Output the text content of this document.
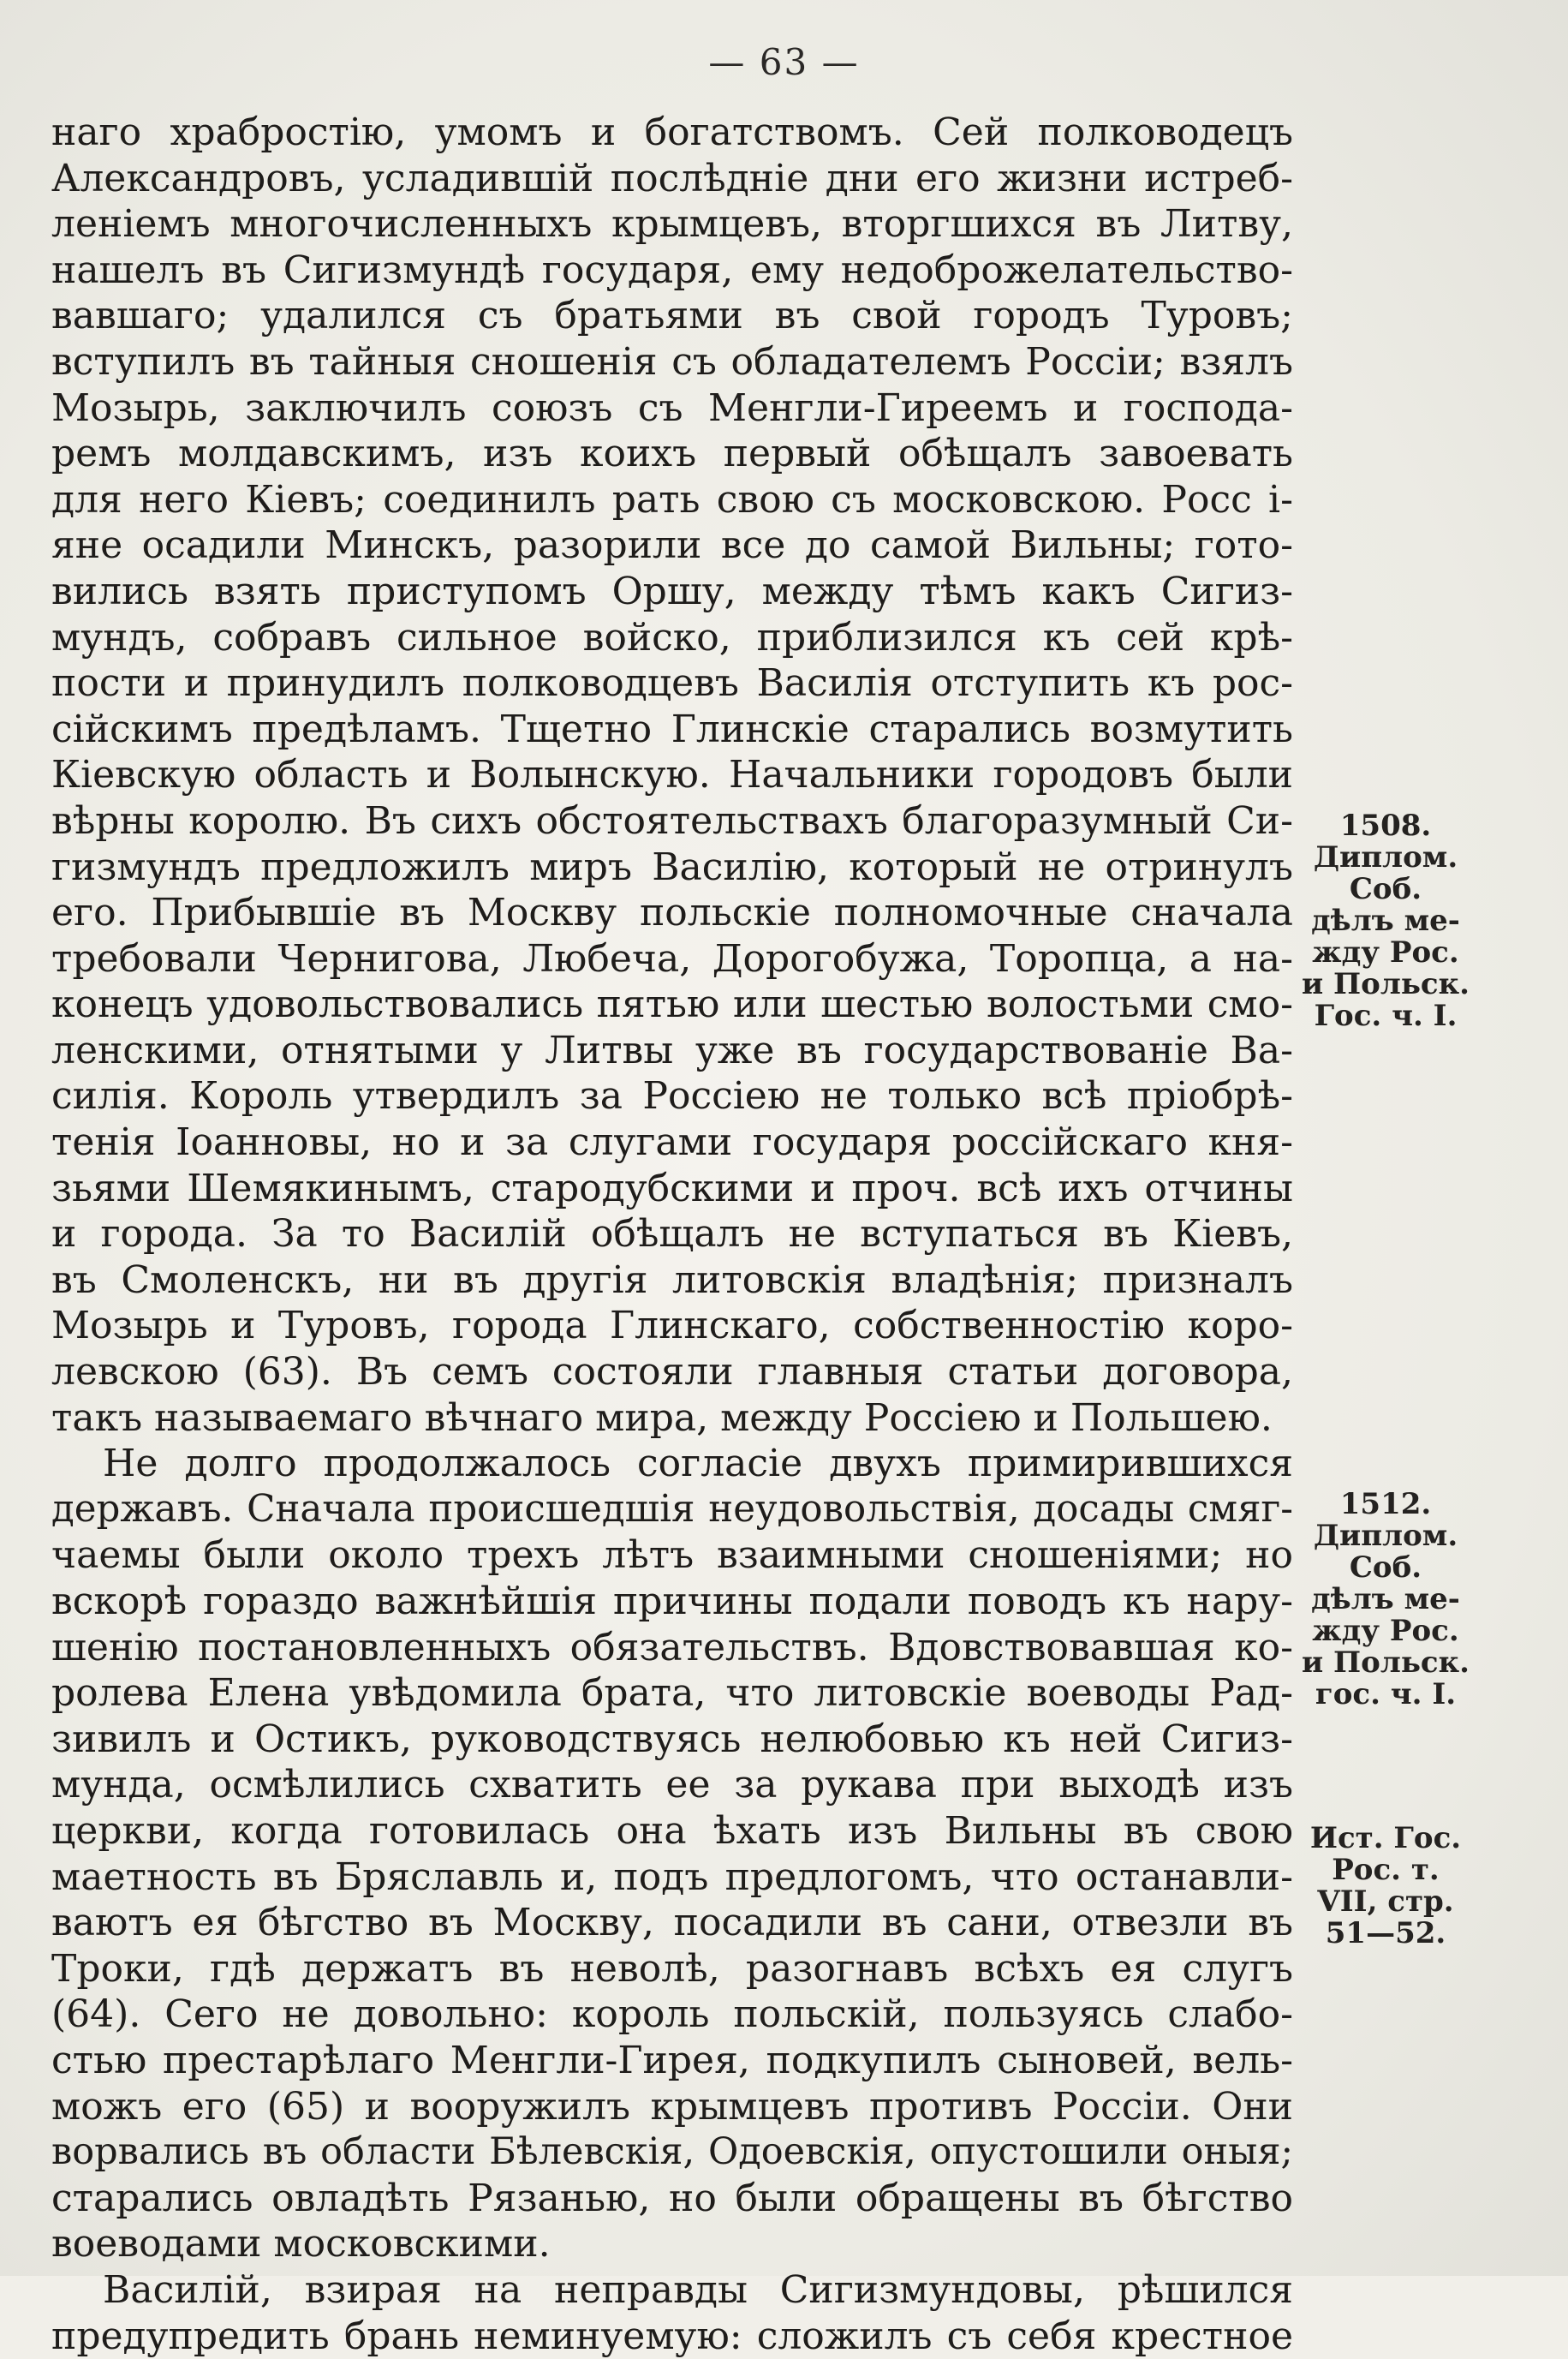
— 63 —
наго храбростію, умомъ и богатствомъ. Сей полководецъ
Александровъ, усладившій послѣдніе дни его жизни истреб-
леніемъ многочисленныхъ крымцевъ, вторгшихся въ Литву,
нашелъ въ Сигизмундѣ государя, ему недоброжелательство-
вавшаго; удалился съ братьями въ свой городъ Туровъ;
вступилъ въ тайныя сношенія съ обладателемъ Россіи; взялъ
Мозырь, заключилъ союзъ съ Менгли-Гиреемъ и господа-
ремъ молдавскимъ, изъ коихъ первый обѣщалъ завоевать
для него Кіевъ; соединилъ рать свою съ московскою. Росс і-
яне осадили Минскъ, разорили все до самой Вильны; гото-
вились взять приступомъ Оршу, между тѣмъ какъ Сигиз-
мундъ, собравъ сильное войско, приблизился къ сей крѣ-
пости и принудилъ полководцевъ Василія отступить къ рос-
сійскимъ предѣламъ. Тщетно Глинскіе старались возмутить
Кіевскую область и Волынскую. Начальники городовъ были
вѣрны королю. Въ сихъ обстоятельствахъ благоразумный Си-
гизмундъ предложилъ миръ Василію, который не отринулъ
его. Прибывшіе въ Москву польскіе полномочные сначала
требовали Чернигова, Любеча, Дорогобужа, Торопца, а на-
конецъ удовольствовались пятью или шестью волостьми смо-
ленскими, отнятыми у Литвы уже въ государствованіе Ва-
силія. Король утвердилъ за Россіею не только всѣ пріобрѣ-
тенія Іоанновы, но и за слугами государя россійскаго кня-
зьями Шемякинымъ, стародубскими и проч. всѣ ихъ отчины
и города. За то Василій обѣщалъ не вступаться въ Кіевъ,
въ Смоленскъ, ни въ другія литовскія владѣнія; призналъ
Мозырь и Туровъ, города Глинскаго, собственностію коро-
левскою (63). Въ семъ состояли главныя статьи договора,
такъ называемаго вѣчнаго мира, между Россіею и Польшею.
Не долго продолжалось согласіе двухъ примирившихся
державъ. Сначала происшедшія неудовольствія, досады смяг-
чаемы были около трехъ лѣтъ взаимными сношеніями; но
вскорѣ гораздо важнѣйшія причины подали поводъ къ нару-
шенію постановленныхъ обязательствъ. Вдовствовавшая ко-
ролева Елена увѣдомила брата, что литовскіе воеводы Рад-
зивилъ и Остикъ, руководствуясь нелюбовью къ ней Сигиз-
мунда, осмѣлились схватить ее за рукава при выходѣ изъ
церкви, когда готовилась она ѣхать изъ Вильны въ свою
маетность въ Бряславль и, подъ предлогомъ, что останавли-
ваютъ ея бѣгство въ Москву, посадили въ сани, отвезли въ
Троки, гдѣ держатъ въ неволѣ, разогнавъ всѣхъ ея слугъ
(64). Сего не довольно: король польскій, пользуясь слабо-
стью престарѣлаго Менгли-Гирея, подкупилъ сыновей, вель-
можъ его (65) и вооружилъ крымцевъ противъ Россіи. Они
ворвались въ области Бѣлевскія, Одоевскія, опустошили оныя;
старались овладѣть Рязанью, но были обращены въ бѣгство
воеводами московскими.
Василій, взирая на неправды Сигизмундовы, рѣшился
предупредить брань неминуемую: сложилъ съ себя крестное
1508.
Диплом.
Соб.
дѣлъ ме-
жду Рос.
и Польск.
Гос. ч. I.
1512.
Диплом.
Соб.
дѣлъ ме-
жду Рос.
и Польск.
гос. ч. I.
Ист. Гос.
Рос. т.
VII, стр.
51—52.
